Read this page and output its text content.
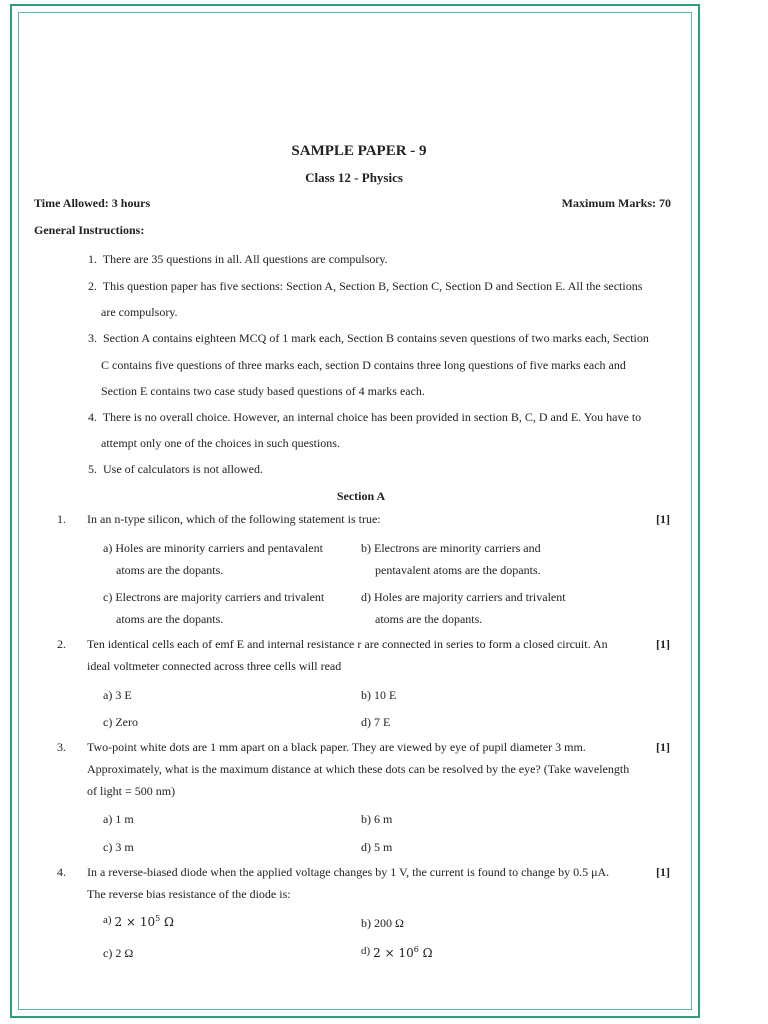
SAMPLE PAPER - 9
Class 12 - Physics
Time Allowed: 3 hours	Maximum Marks: 70
General Instructions:
1. There are 35 questions in all. All questions are compulsory.
2. This question paper has five sections: Section A, Section B, Section C, Section D and Section E. All the sections
are compulsory.
3. Section A contains eighteen MCQ of 1 mark each, Section B contains seven questions of two marks each, Section
C contains five questions of three marks each, section D contains three long questions of five marks each and
Section E contains two case study based questions of 4 marks each.
4. There is no overall choice. However, an internal choice has been provided in section B, C, D and E. You have to
attempt only one of the choices in such questions.
5. Use of calculators is not allowed.
Section A
1. In an n-type silicon, which of the following statement is true:	[1]
a) Holes are minority carriers and pentavalent
atoms are the dopants.
b) Electrons are minority carriers and
pentavalent atoms are the dopants.
c) Electrons are majority carriers and trivalent
atoms are the dopants.
d) Holes are majority carriers and trivalent
atoms are the dopants.
2. Ten identical cells each of emf E and internal resistance r are connected in series to form a closed circuit. An
ideal voltmeter connected across three cells will read
[1]
a) 3 E	b) 10 E
c) Zero	d) 7 E
3. Two-point white dots are 1 mm apart on a black paper. They are viewed by eye of pupil diameter 3 mm.
Approximately, what is the maximum distance at which these dots can be resolved by the eye? (Take wavelength
of light = 500 nm)
[1]
a) 1 m	b) 6 m
c) 3 m	d) 5 m
4. In a reverse-biased diode when the applied voltage changes by 1 V, the current is found to change by 0.5 μA.
The reverse bias resistance of the diode is:
[1]
a) $2 \times 10^5$ Ω	b) 200 Ω
c) 2 Ω	d) $2 \times 10^6$ Ω
